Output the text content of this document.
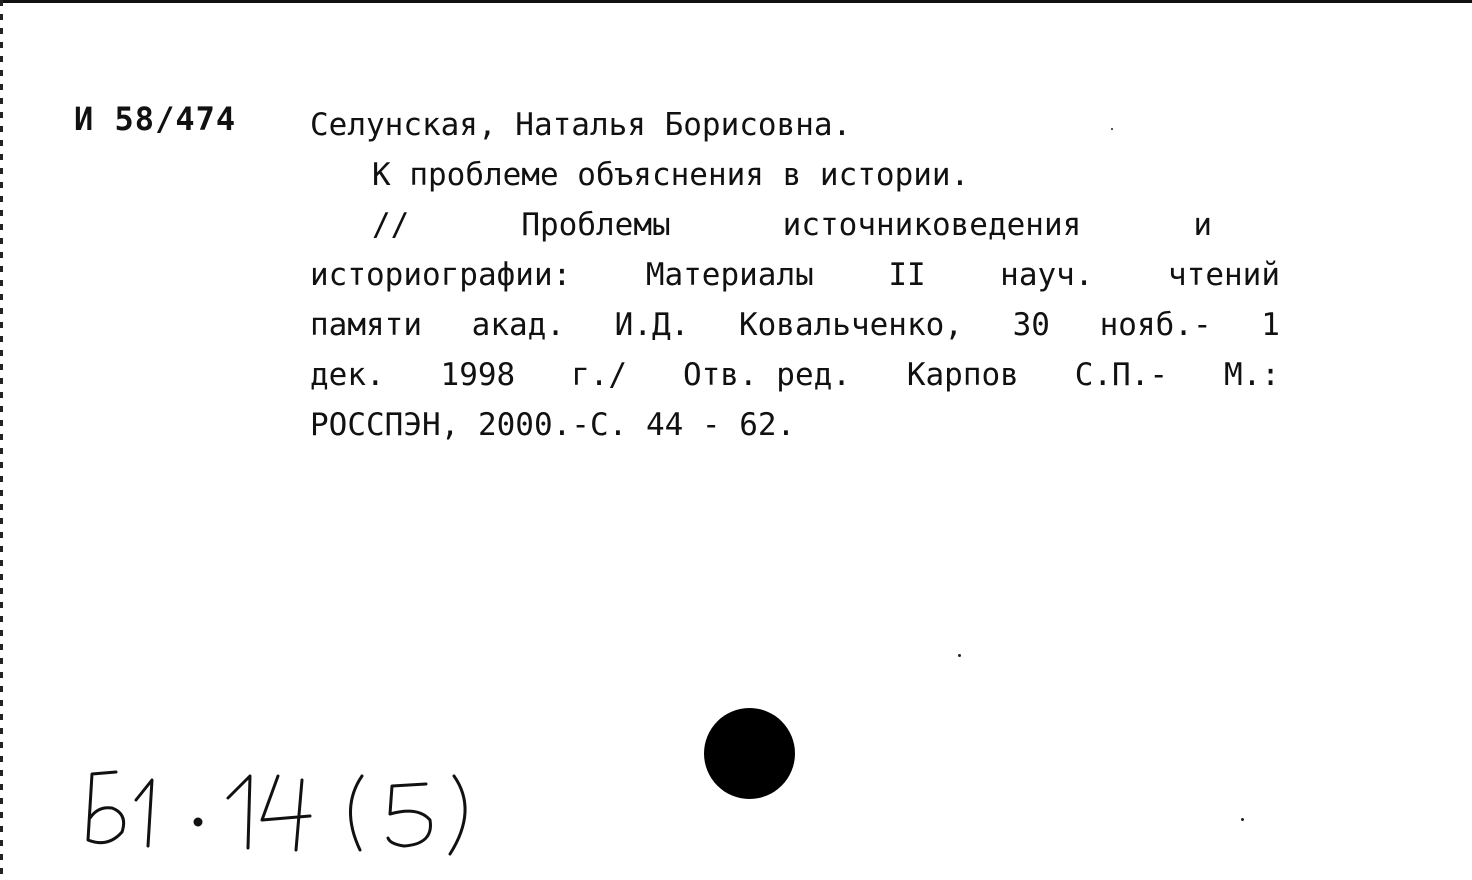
И 58/474 Селунская, Наталья Борисовна.
К проблеме объяснения в истории.
//	Проблемы	источниковедения	и
историографии: Материалы II науч. чтений
памяти акад. И.Д. Ковальченко, 30 нояб.- 1
дек. 1998 г./ Отв. ред. Карпов С.П.- М.:
РОССПЭН, 2000.-С. 44 - 62.
